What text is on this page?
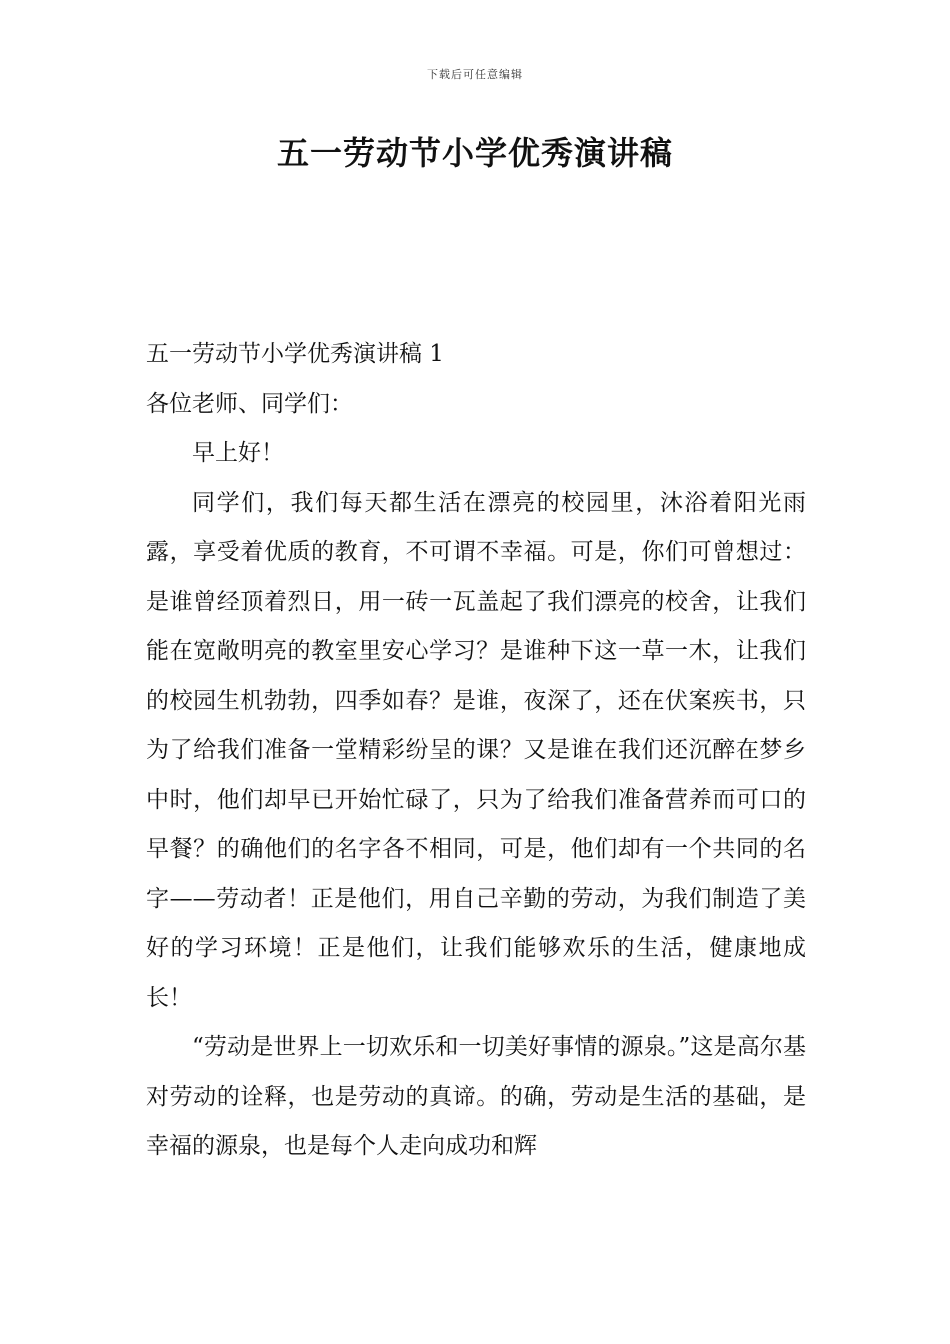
下载后可任意编辑
五一劳动节小学优秀演讲稿

五一劳动节小学优秀演讲稿 1

各位老师、同学们：

早上好！

同学们，我们每天都生活在漂亮的校园里，沐浴着阳光雨露，享受着优质的教育，不可谓不幸福。可是，你们可曾想过：是谁曾经顶着烈日，用一砖一瓦盖起了我们漂亮的校舍，让我们能在宽敞明亮的教室里安心学习？是谁种下这一草一木，让我们的校园生机勃勃，四季如春？是谁，夜深了，还在伏案疾书，只为了给我们准备一堂精彩纷呈的课？又是谁在我们还沉醉在梦乡中时，他们却早已开始忙碌了，只为了给我们准备营养而可口的早餐？的确他们的名字各不相同，可是，他们却有一个共同的名字——劳动者！正是他们，用自己辛勤的劳动，为我们制造了美好的学习环境！正是他们，让我们能够欢乐的生活，健康地成长！

“劳动是世界上一切欢乐和一切美好事情的源泉。”这是高尔基对劳动的诠释，也是劳动的真谛。的确，劳动是生活的基础，是幸福的源泉，也是每个人走向成功和辉
